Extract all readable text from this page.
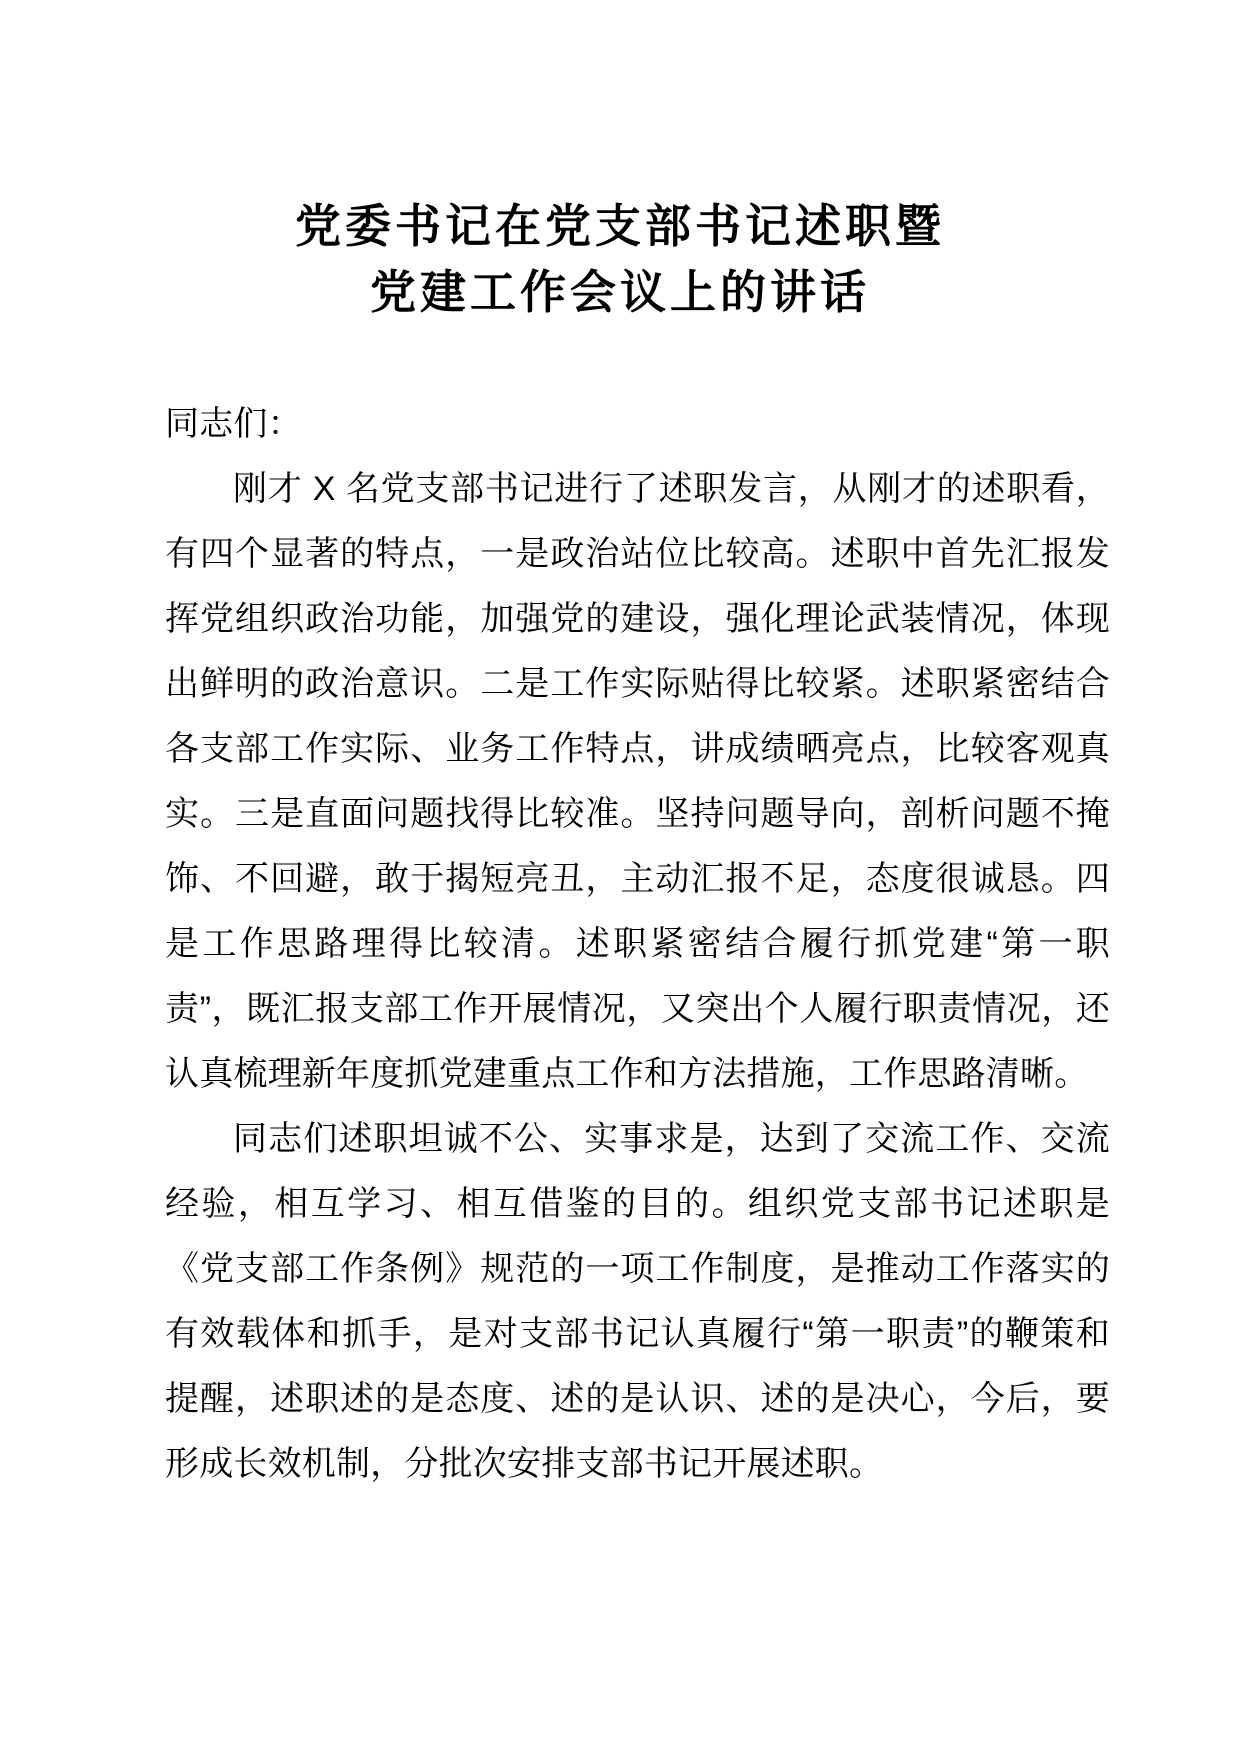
党委书记在党支部书记述职暨
党建工作会议上的讲话

同志们：

刚才 X 名党支部书记进行了述职发言，从刚才的述职看，有四个显著的特点，一是政治站位比较高。述职中首先汇报发挥党组织政治功能，加强党的建设，强化理论武装情况，体现出鲜明的政治意识。二是工作实际贴得比较紧。述职紧密结合各支部工作实际、业务工作特点，讲成绩晒亮点，比较客观真实。三是直面问题找得比较准。坚持问题导向，剖析问题不掩饰、不回避，敢于揭短亮丑，主动汇报不足，态度很诚恳。四是工作思路理得比较清。述职紧密结合履行抓党建“第一职责”，既汇报支部工作开展情况，又突出个人履行职责情况，还认真梳理新年度抓党建重点工作和方法措施，工作思路清晰。

同志们述职坦诚不公、实事求是，达到了交流工作、交流经验，相互学习、相互借鉴的目的。组织党支部书记述职是《党支部工作条例》规范的一项工作制度，是推动工作落实的有效载体和抓手，是对支部书记认真履行“第一职责”的鞭策和提醒，述职述的是态度、述的是认识、述的是决心，今后，要形成长效机制，分批次安排支部书记开展述职。
